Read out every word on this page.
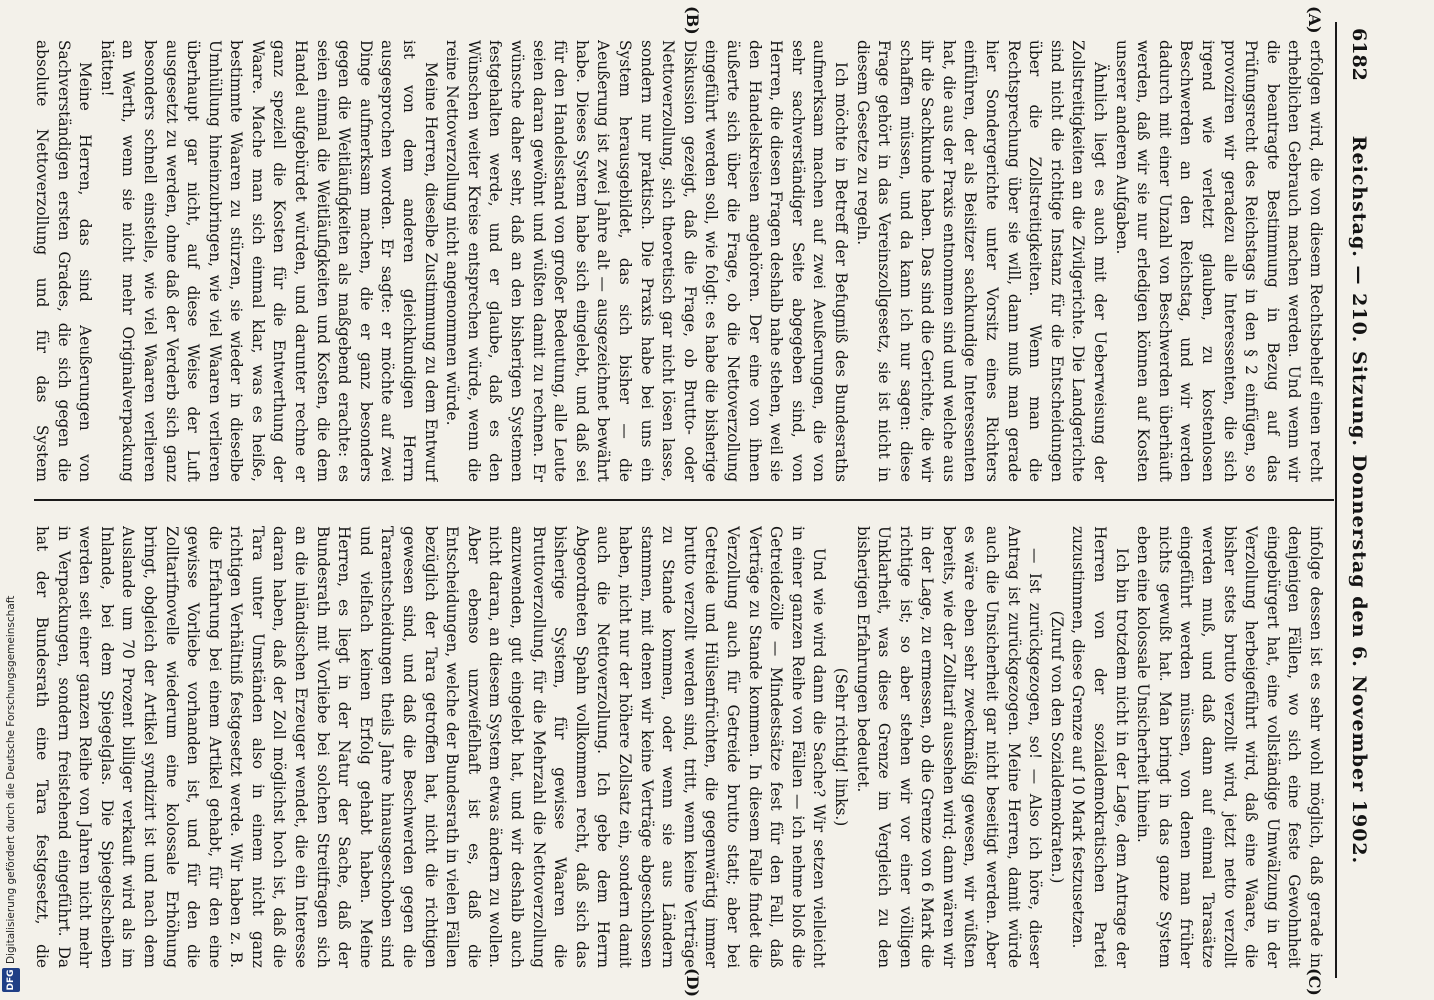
6182
Reichstag. — 210. Sitzung. Donnerstag den 6. November 1902.
(A)
(B)
(C)
(D)

erfolgen wird, die von diesem Rechtsbehelf einen recht erheblichen Gebrauch machen werden. Und wenn wir die beantragte Bestimmung in Bezug auf das Prüfungsrecht des Reichstags in den § 2 einfügen, so provoziren wir geradezu alle Interessenten, die sich irgend wie verletzt glauben, zu kostenlosen Beschwerden an den Reichstag, und wir werden dadurch mit einer Unzahl von Beschwerden überhäuft werden, daß wir sie nur erledigen können auf Kosten unserer anderen Aufgaben.

Ähnlich liegt es auch mit der Ueberweisung der Zollstreitigkeiten an die Zivilgerichte. Die Landgerichte sind nicht die richtige Instanz für die Entscheidungen über die Zollstreitigkeiten. Wenn man die Rechtsprechung über sie will, dann muß man gerade hier Sondergerichte unter Vorsitz eines Richters einführen, der als Beisitzer sachkundige Interessenten hat, die aus der Praxis entnommen sind und welche aus ihr die Sachkunde haben. Das sind die Gerichte, die wir schaffen müssen, und da kann ich nur sagen: diese Frage gehört in das Vereinszollgesetz, sie ist nicht in diesem Gesetze zu regeln.

Ich möchte in Betreff der Befugniß des Bundesraths aufmerksam machen auf zwei Aeußerungen, die von sehr sachverständiger Seite abgegeben sind, von Herren, die diesen Fragen deshalb nahe stehen, weil sie den Handelskreisen angehören. Der eine von ihnen äußerte sich über die Frage, ob die Nettoverzollung eingeführt werden soll, wie folgt: es habe die bisherige Diskussion gezeigt, daß die Frage, ob Brutto- oder Nettoverzollung, sich theoretisch gar nicht lösen lasse, sondern nur praktisch. Die Praxis habe bei uns ein System herausgebildet, das sich bisher — die Aeußerung ist zwei Jahre alt — ausgezeichnet bewährt habe. Dieses System habe sich eingelebt, und daß sei für den Handelsstand von großer Bedeutung, alle Leute seien daran gewöhnt und wüßten damit zu rechnen. Er wünsche daher sehr, daß an den bisherigen Systemen festgehalten werde, und er glaube, daß es den Wünschen weiter Kreise entsprechen würde, wenn die reine Nettoverzollung nicht angenommen würde.

Meine Herren, dieselbe Zustimmung zu dem Entwurf ist von dem anderen gleichkundigen Herrn ausgesprochen worden. Er sagte: er möchte auf zwei Dinge aufmerksam machen, die er ganz besonders gegen die Weitläufigkeiten als maßgebend erachte: es seien einmal die Weitläufigkeiten und Kosten, die dem Handel aufgebürdet würden, und darunter rechne er ganz speziell die Kosten für die Entwerthung der Waare. Mache man sich einmal klar, was es heiße, bestimmte Waaren zu stürzen, sie wieder in dieselbe Umhüllung hineinzubringen, wie viel Waaren verlieren überhaupt gar nicht, auf diese Weise der Luft ausgesetzt zu werden, ohne daß der Verderb sich ganz besonders schnell einstelle, wie viel Waaren verlieren an Werth, wenn sie nicht mehr Originalverpackung hätten!

Meine Herren, das sind Aeußerungen von Sachverständigen ersten Grades, die sich gegen die absolute Nettoverzollung und für das System

infolge dessen ist es sehr wohl möglich, daß gerade in denjenigen Fällen, wo sich eine feste Gewohnheit eingebürgert hat, eine vollständige Umwälzung in der Verzollung herbeigeführt wird, daß eine Waare, die bisher stets brutto verzollt wird, jetzt netto verzollt werden muß, und daß dann auf einmal Tarasätze eingeführt werden müssen, von denen man früher nichts gewußt hat. Man bringt in das ganze System eben eine kolossale Unsicherheit hinein.

Ich bin trotzdem nicht in der Lage, dem Antrage der Herren von der sozialdemokratischen Partei zuzustimmen, diese Grenze auf 10 Mark festzusetzen.

(Zuruf von den Sozialdemokraten.)

— Ist zurückgezogen, so! — Also ich höre, dieser Antrag ist zurückgezogen. Meine Herren, damit würde auch die Unsicherheit gar nicht beseitigt werden. Aber es wäre eben sehr zweckmäßig gewesen, wir wüßten bereits, wie der Zolltarif aussehen wird; dann wären wir in der Lage, zu ermessen, ob die Grenze von 6 Mark die richtige ist; so aber stehen wir vor einer völligen Unklarheit, was diese Grenze im Vergleich zu den bisherigen Erfahrungen bedeutet.

(Sehr richtig! links.)

Und wie wird dann die Sache? Wir setzen vielleicht in einer ganzen Reihe von Fällen — ich nehme bloß die Getreidezölle — Mindestsätze fest für den Fall, daß Verträge zu Stande kommen. In diesem Falle findet die Verzollung auch für Getreide brutto statt; aber bei Getreide und Hülsenfrüchten, die gegenwärtig immer brutto verzollt werden sind, tritt, wenn keine Verträge zu Stande kommen, oder wenn sie aus Ländern stammen, mit denen wir keine Verträge abgeschlossen haben, nicht nur der höhere Zollsatz ein, sondern damit auch die Nettoverzollung. Ich gebe dem Herrn Abgeordneten Spahn vollkommen recht, daß sich das bisherige System, für gewisse Waaren die Bruttoverzollung, für die Mehrzahl die Nettoverzollung anzuwenden, gut eingelebt hat, und wir deshalb auch nicht daran, an diesem System etwas ändern zu wollen. Aber ebenso unzweifelhaft ist es, daß die Entscheidungen, welche der Bundesrath in vielen Fällen bezüglich der Tara getroffen hat, nicht die richtigen gewesen sind, und daß die Beschwerden gegen die Taraentscheidungen theils Jahre hinausgeschoben sind und vielfach keinen Erfolg gehabt haben. Meine Herren, es liegt in der Natur der Sache, daß der Bundesrath mit Vorliebe bei solchen Streitfragen sich an die inländischen Erzeuger wendet, die ein Interesse daran haben, daß der Zoll möglichst hoch ist, daß die Tara unter Umständen also in einem nicht ganz richtigen Verhältniß festgesetzt werde. Wir haben z. B. die Erfahrung bei einem Artikel gehabt, für den eine gewisse Vorliebe vorhanden ist, und für den die Zolltarifnovelle wiederum eine kolossale Erhöhung bringt, obgleich der Artikel syndizirt ist und nach dem Auslande um 70 Prozent billiger verkauft wird als im Inlande, bei dem Spiegelglas. Die Spiegelscheiben werden seit einer ganzen Reihe von Jahren nicht mehr in Verpackungen, sondern freistehend eingeführt. Da hat der Bundesrath eine Tara festgesetzt, die

Digitalisierung gefördert durch die Deutsche Forschungsgemeinschaft
DFG
